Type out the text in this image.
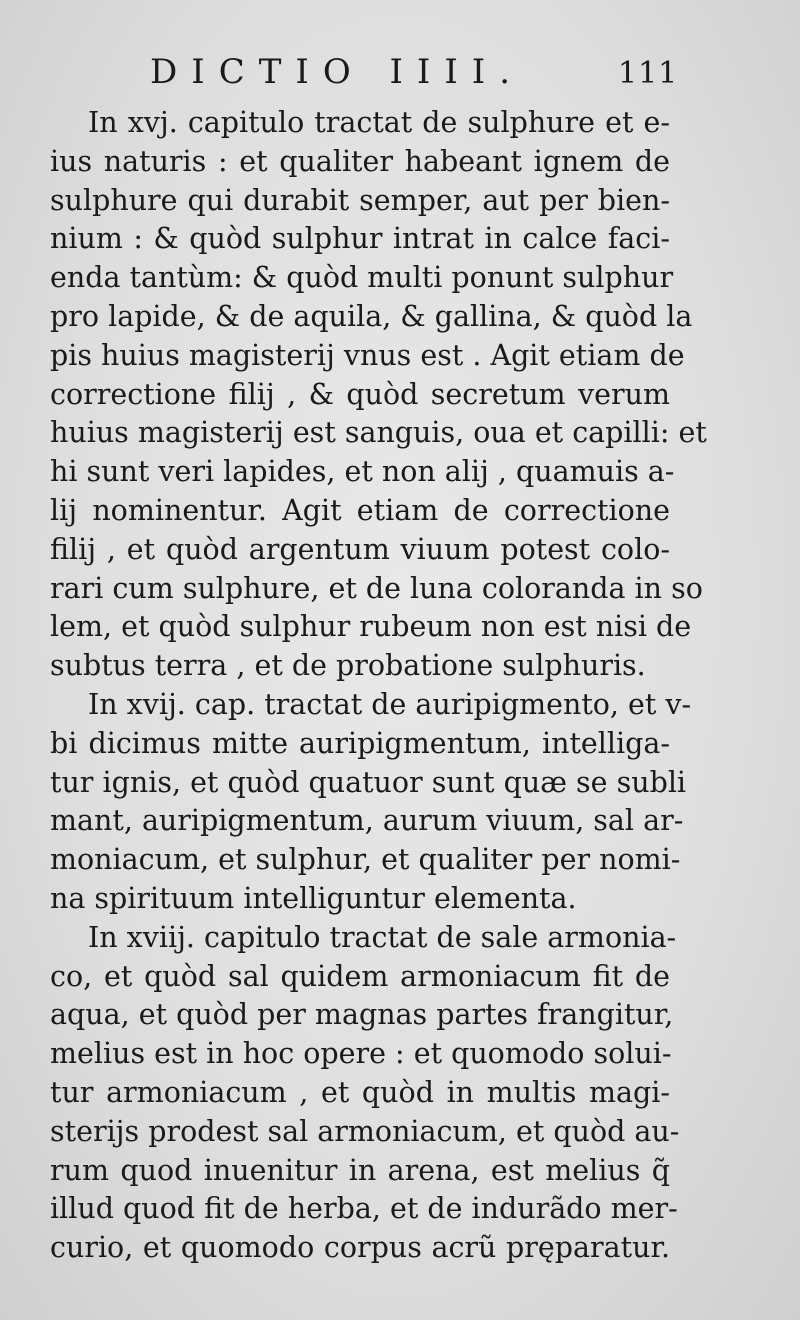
DICTIO IIII.	111
In xvj. capitulo tractat de sulphure et e-
ius naturis : et qualiter habeant ignem de
sulphure qui durabit semper, aut per bien-
nium : & quòd sulphur intrat in calce faci-
enda tantùm: & quòd multi ponunt sulphur
pro lapide, & de aquila, & gallina, & quòd la
pis huius magisterij vnus est . Agit etiam de
correctione filij , & quòd secretum verum
huius magisterij est sanguis, oua et capilli: et
hi sunt veri lapides, et non alij , quamuis a-
lij nominentur. Agit etiam de correctione
filij , et quòd argentum viuum potest colo-
rari cum sulphure, et de luna coloranda in so
lem, et quòd sulphur rubeum non est nisi de
subtus terra , et de probatione sulphuris.
In xvij. cap. tractat de auripigmento, et v-
bi dicimus mitte auripigmentum, intelliga-
tur ignis, et quòd quatuor sunt quæ se subli
mant, auripigmentum, aurum viuum, sal ar-
moniacum, et sulphur, et qualiter per nomi-
na spirituum intelliguntur elementa.
In xviij. capitulo tractat de sale armonia-
co, et quòd sal quidem armoniacum fit de
aqua, et quòd per magnas partes frangitur,
melius est in hoc opere : et quomodo solui-
tur armoniacum , et quòd in multis magi-
sterijs prodest sal armoniacum, et quòd au-
rum quod inuenitur in arena, est melius q̃
illud quod fit de herba, et de indurãdo mer-
curio, et quomodo corpus acrũ pręparatur.
